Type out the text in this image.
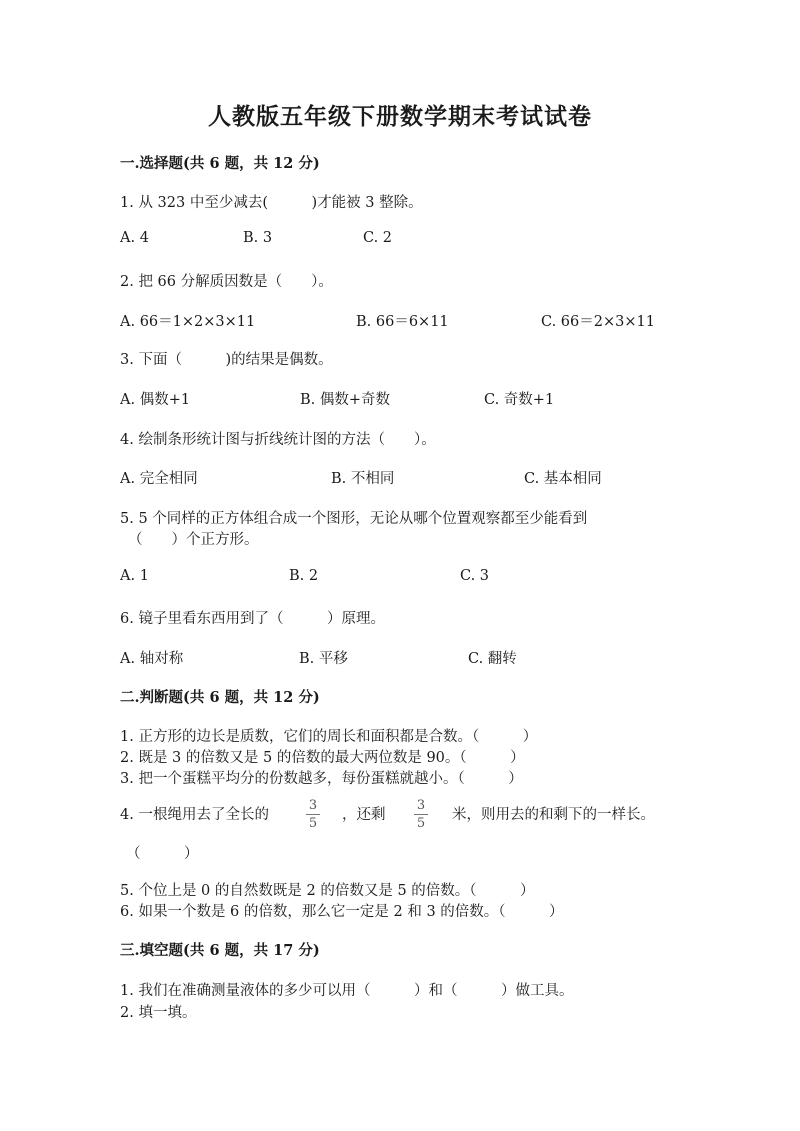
人教版五年级下册数学期末考试试卷
一.选择题(共 6 题，共 12 分)
1. 从 323 中至少减去(　　　)才能被 3 整除。
A. 4	B. 3	C. 2
2. 把 66 分解质因数是（　　）。
A. 66＝1×2×3×11	B. 66＝6×11	C. 66＝2×3×11
3. 下面（　　　)的结果是偶数。
A. 偶数+1	B. 偶数+奇数	C. 奇数+1
4. 绘制条形统计图与折线统计图的方法（　　）。
A. 完全相同	B. 不相同	C. 基本相同
5. 5 个同样的正方体组合成一个图形，无论从哪个位置观察都至少能看到
（　　）个正方形。
A. 1	B. 2	C. 3
6. 镜子里看东西用到了（　　　）原理。
A. 轴对称	B. 平移	C. 翻转
二.判断题(共 6 题，共 12 分)
1. 正方形的边长是质数，它们的周长和面积都是合数。（　　　）
2. 既是 3 的倍数又是 5 的倍数的最大两位数是 90。（　　　）
3. 把一个蛋糕平均分的份数越多，每份蛋糕就越小。（　　　）
4. 一根绳用去了全长的
3
5
，还剩
3
5
米，则用去的和剩下的一样长。
（　　　）
5. 个位上是 0 的自然数既是 2 的倍数又是 5 的倍数。（　　　）
6. 如果一个数是 6 的倍数，那么它一定是 2 和 3 的倍数。（　　　）
三.填空题(共 6 题，共 17 分)
1. 我们在准确测量液体的多少可以用（　　　）和（　　　）做工具。
2. 填一填。
